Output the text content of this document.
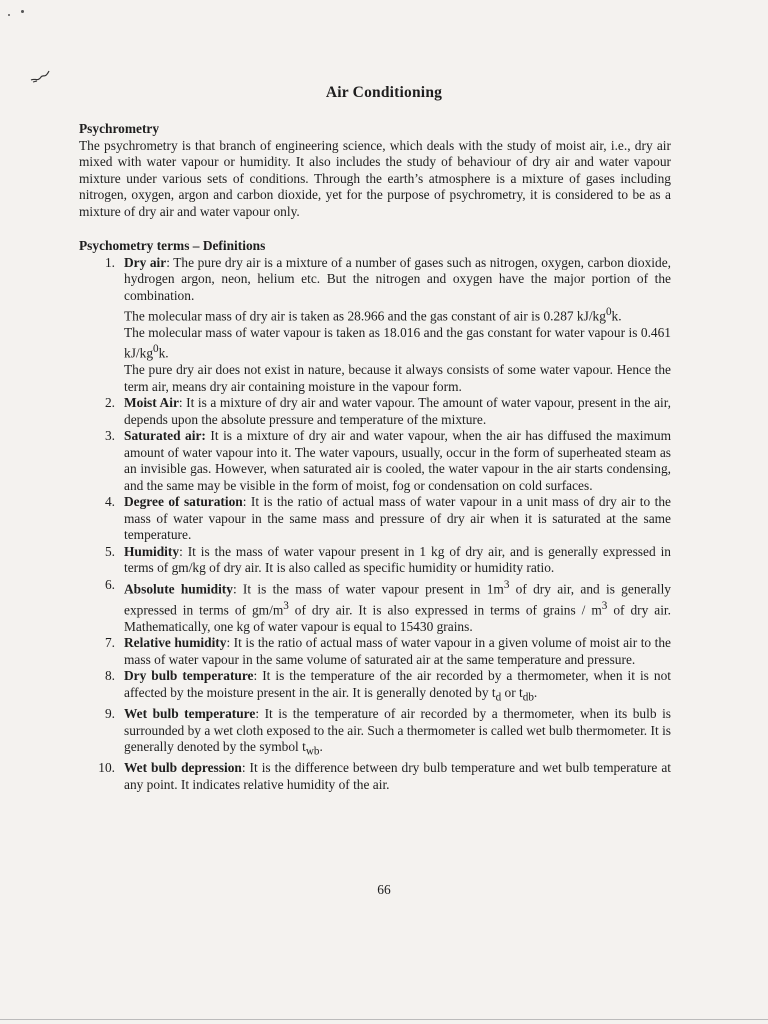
Air Conditioning
Psychrometry

The psychrometry is that branch of engineering science, which deals with the study of moist air, i.e., dry air mixed with water vapour or humidity. It also includes the study of behaviour of dry air and water vapour mixture under various sets of conditions. Through the earth’s atmosphere is a mixture of gases including nitrogen, oxygen, argon and carbon dioxide, yet for the purpose of psychrometry, it is considered to be as a mixture of dry air and water vapour only.

Psychometry terms – Definitions
1. Dry air: The pure dry air is a mixture of a number of gases such as nitrogen, oxygen, carbon dioxide, hydrogen argon, neon, helium etc. But the nitrogen and oxygen have the major portion of the combination.
The molecular mass of dry air is taken as 28.966 and the gas constant of air is 0.287 $kJ/kg^0k$.
The molecular mass of water vapour is taken as 18.016 and the gas constant for water vapour is 0.461 $kJ/kg^0k$.
The pure dry air does not exist in nature, because it always consists of some water vapour. Hence the term air, means dry air containing moisture in the vapour form.
2. Moist Air: It is a mixture of dry air and water vapour. The amount of water vapour, present in the air, depends upon the absolute pressure and temperature of the mixture.
3. Saturated air: It is a mixture of dry air and water vapour, when the air has diffused the maximum amount of water vapour into it. The water vapours, usually, occur in the form of superheated steam as an invisible gas. However, when saturated air is cooled, the water vapour in the air starts condensing, and the same may be visible in the form of moist, fog or condensation on cold surfaces.
4. Degree of saturation: It is the ratio of actual mass of water vapour in a unit mass of dry air to the mass of water vapour in the same mass and pressure of dry air when it is saturated at the same temperature.
5. Humidity: It is the mass of water vapour present in 1 kg of dry air, and is generally expressed in terms of gm/kg of dry air. It is also called as specific humidity or humidity ratio.
6. Absolute humidity: It is the mass of water vapour present in $1m^3$ of dry air, and is generally expressed in terms of $gm/m^3$ of dry air. It is also expressed in terms of grains / $m^3$ of dry air. Mathematically, one kg of water vapour is equal to 15430 grains.
7. Relative humidity: It is the ratio of actual mass of water vapour in a given volume of moist air to the mass of water vapour in the same volume of saturated air at the same temperature and pressure.
8. Dry bulb temperature: It is the temperature of the air recorded by a thermometer, when it is not affected by the moisture present in the air. It is generally denoted by $t_d$ or $t_{db}$.
9. Wet bulb temperature: It is the temperature of air recorded by a thermometer, when its bulb is surrounded by a wet cloth exposed to the air. Such a thermometer is called wet bulb thermometer. It is generally denoted by the symbol $t_{wb}$.
10. Wet bulb depression: It is the difference between dry bulb temperature and wet bulb temperature at any point. It indicates relative humidity of the air.
66
